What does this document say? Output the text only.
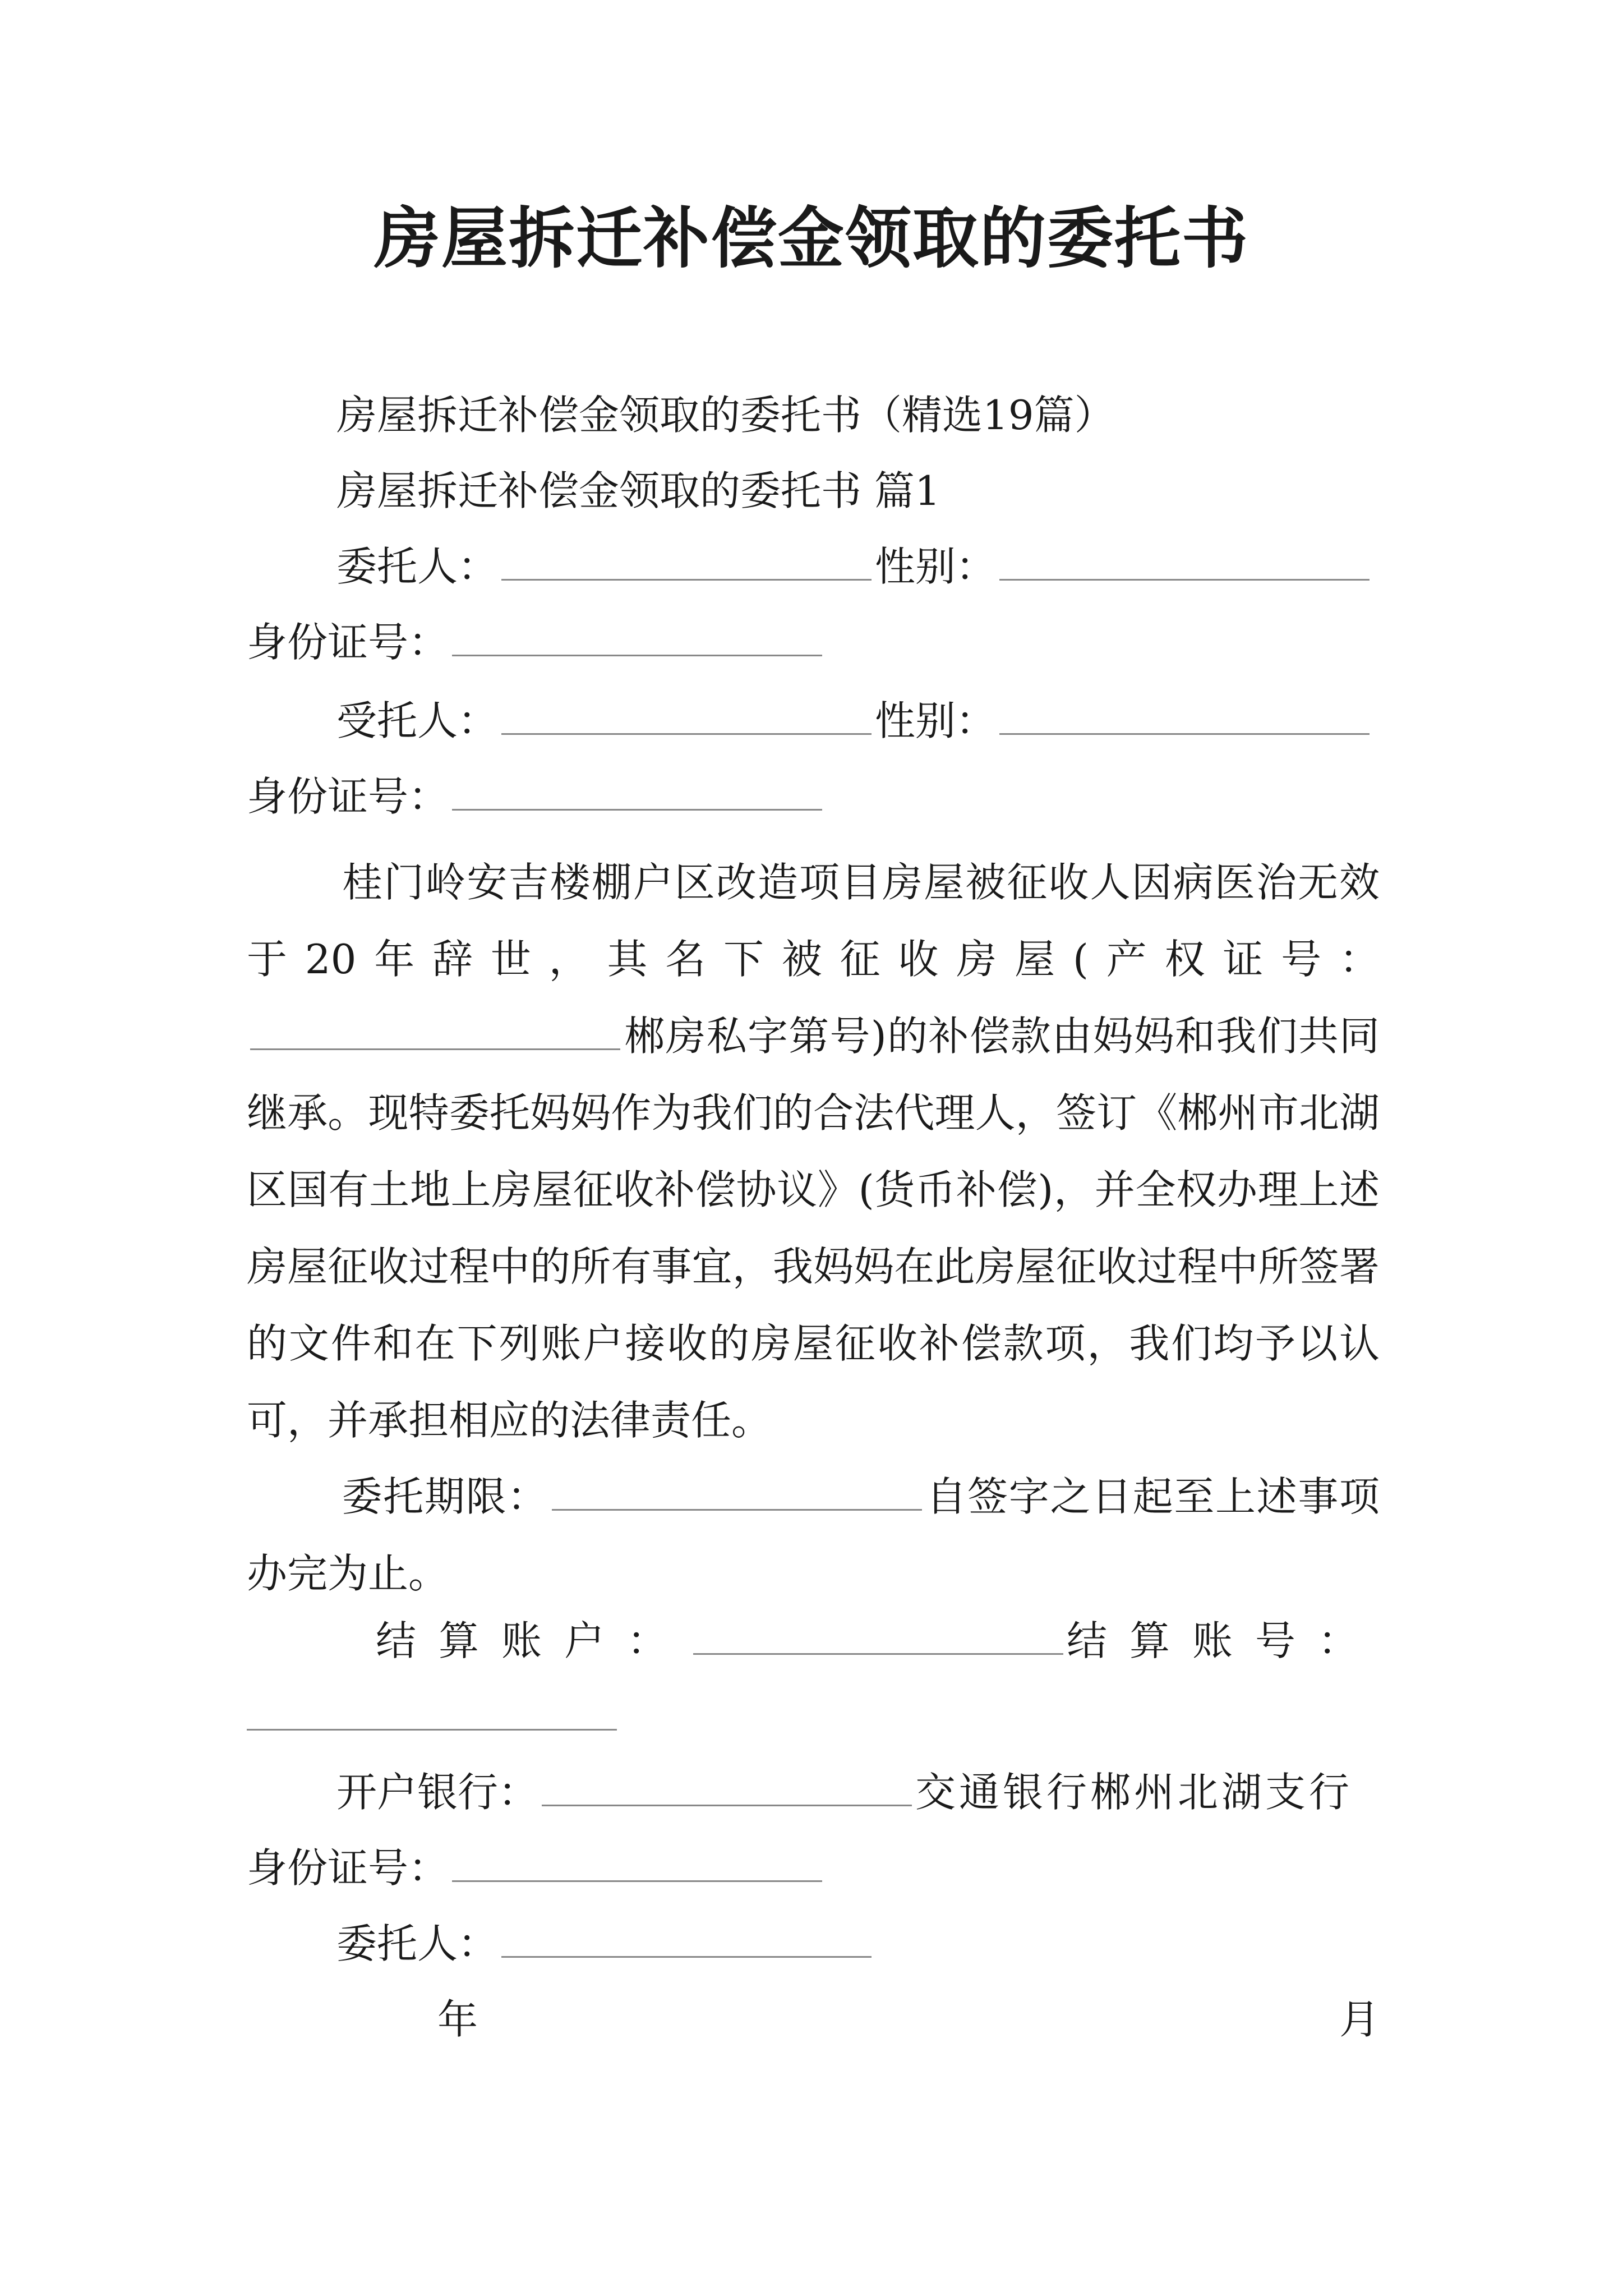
房屋拆迁补偿金领取的委托书
房屋拆迁补偿金领取的委托书（精选19篇）
房屋拆迁补偿金领取的委托书 篇1
委托人：	性别：
身份证号：
受托人：	性别：
身份证号：
桂门岭安吉楼棚户区改造项目房屋被征收人因病医治无效于20年辞世，其名下被征收房屋(产权证号：郴房私字第号)的补偿款由妈妈和我们共同继承。现特委托妈妈作为我们的合法代理人，签订《郴州市北湖区国有土地上房屋征收补偿协议》(货币补偿)，并全权办理上述房屋征收过程中的所有事宜，我妈妈在此房屋征收过程中所签署的文件和在下列账户接收的房屋征收补偿款项，我们均予以认可，并承担相应的法律责任。
委托期限：	自签字之日起至上述事项办完为止。
结算账户：	结算账号：
开户银行：	交通银行郴州北湖支行
身份证号：
委托人：
年	月
